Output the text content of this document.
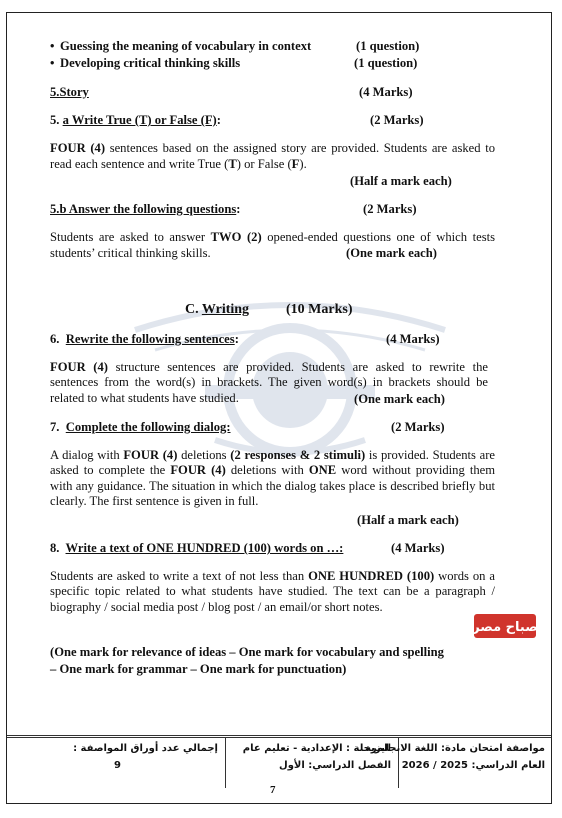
• Guessing the meaning of vocabulary in context	(1 question)
• Developing critical thinking skills	(1 question)
5.Story	(4 Marks)
5. a Write True (T) or False (F):	(2 Marks)
FOUR (4) sentences based on the assigned story are provided. Students are asked to read each sentence and write True (T) or False (F).
(Half a mark each)
5.b Answer the following questions:	(2 Marks)
Students are asked to answer TWO (2) opened-ended questions one of which tests students’ critical thinking skills.	(One mark each)
C. Writing	(10 Marks)
6. Rewrite the following sentences:	(4 Marks)
FOUR (4) structure sentences are provided. Students are asked to rewrite the sentences from the word(s) in brackets. The given word(s) in brackets should be related to what students have studied.	(One mark each)
7. Complete the following dialog:	(2 Marks)
A dialog with FOUR (4) deletions (2 responses & 2 stimuli) is provided. Students are asked to complete the FOUR (4) deletions with ONE word without providing them with any guidance. The situation in which the dialog takes place is described briefly but clearly. The first sentence is given in full.
(Half a mark each)
8. Write a text of ONE HUNDRED (100) words on …:	(4 Marks)
Students are asked to write a text of not less than ONE HUNDRED (100) words on a specific topic related to what students have studied. The text can be a paragraph / biography / social media post / blog post / an email/or short notes.
(One mark for relevance of ideas – One mark for vocabulary and spelling
– One mark for grammar – One mark for punctuation)
صباح مصر
مواصفة امتحان مادة: اللغة الانجليزية
العام الدراسي: 2025 / 2026
المرحلة : الإعدادية - تعليم عام
الفصل الدراسي: الأول
إجمالي عدد أوراق المواصفة :
9
7
